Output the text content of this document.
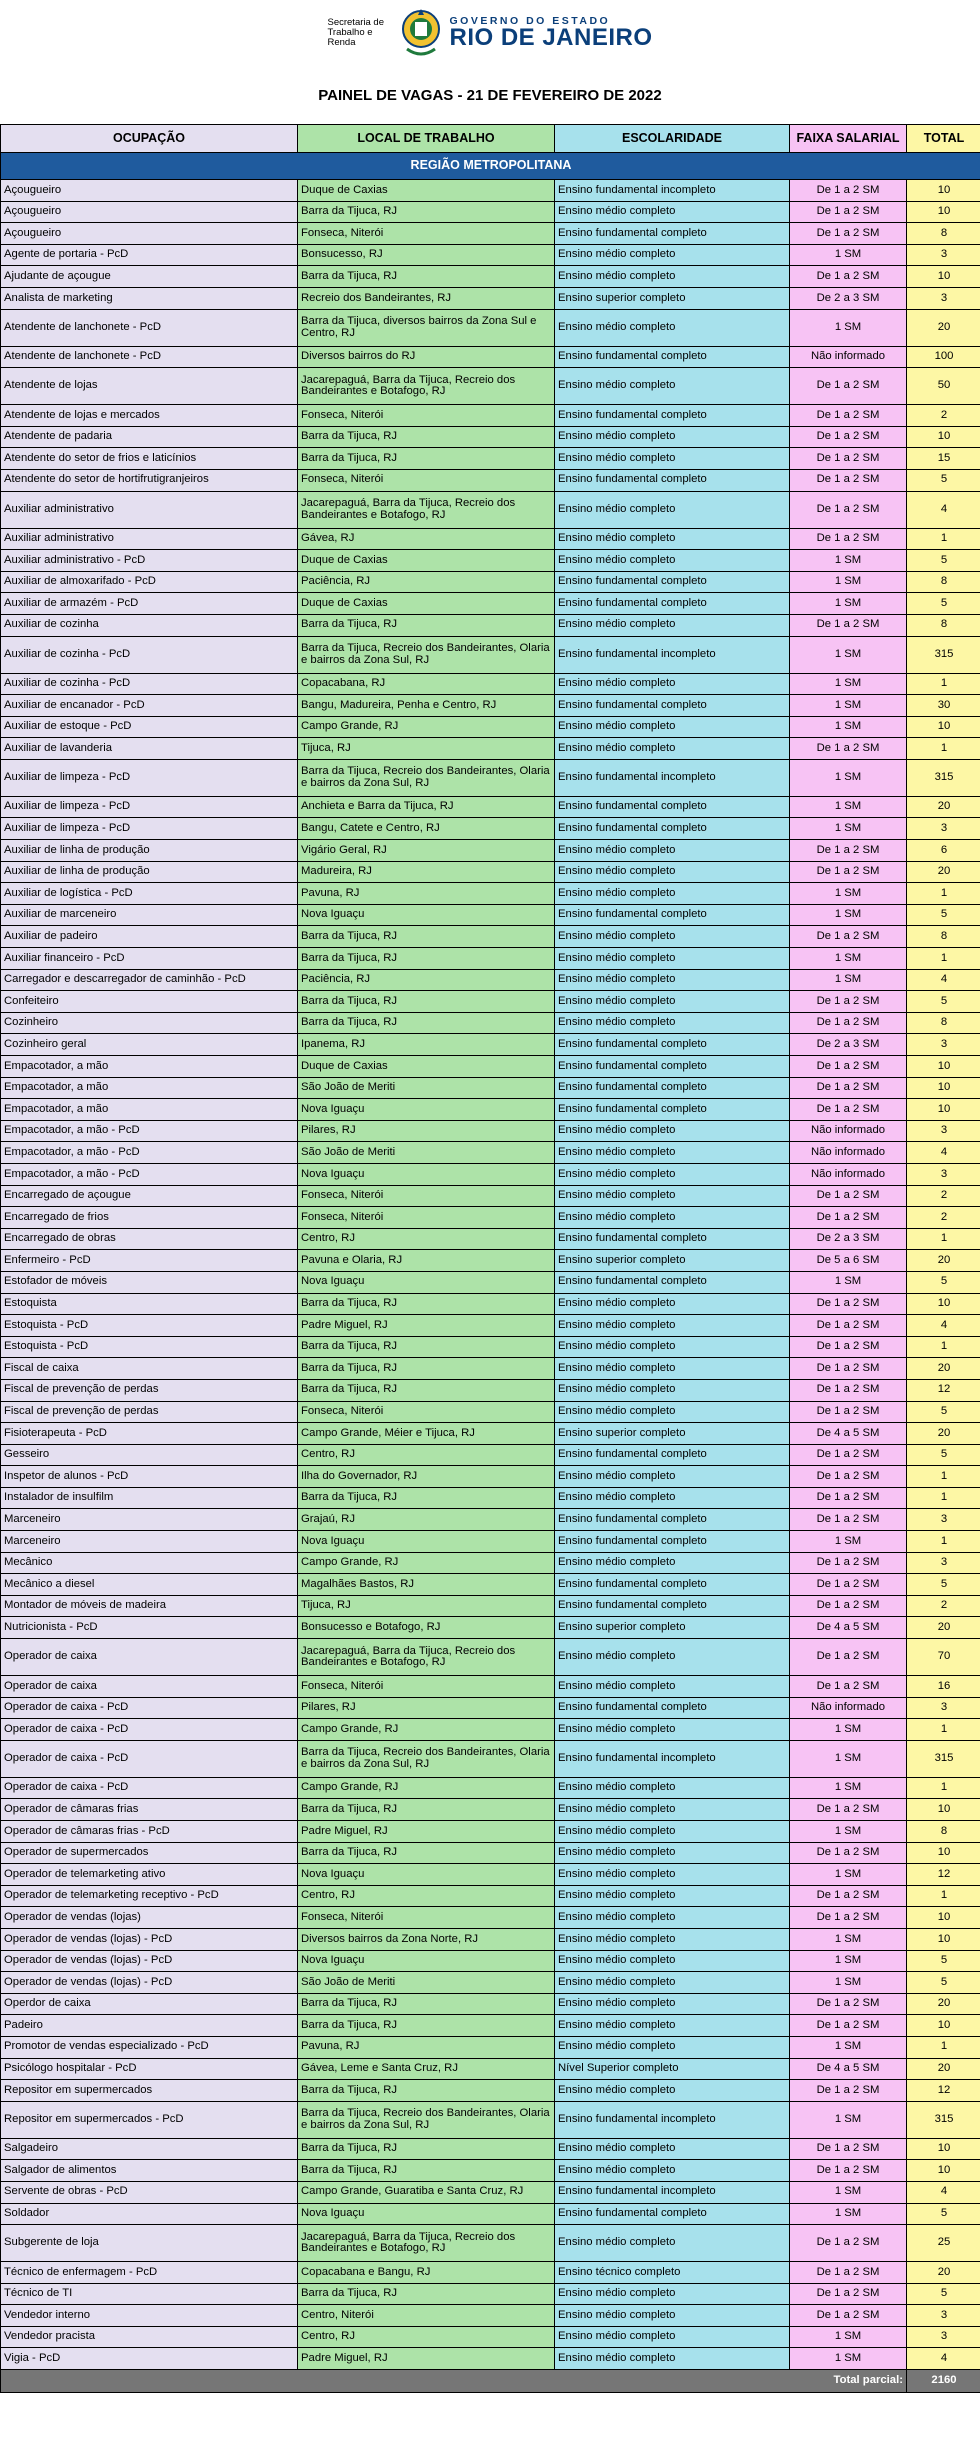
Secretaria de Trabalho e Renda
GOVERNO DO ESTADO
RIO DE JANEIRO
PAINEL DE VAGAS - 21 DE FEVEREIRO DE 2022
OCUPAÇÃO	LOCAL DE TRABALHO	ESCOLARIDADE	FAIXA SALARIAL	TOTAL
REGIÃO METROPOLITANA				
Açougueiro	Duque de Caxias	Ensino fundamental incompleto	De 1 a 2 SM	10
Açougueiro	Barra da Tijuca, RJ	Ensino médio completo	De 1 a 2 SM	10
Açougueiro	Fonseca, Niterói	Ensino fundamental completo	De 1 a 2 SM	8
Agente de portaria - PcD	Bonsucesso, RJ	Ensino médio completo	1 SM	3
Ajudante de açougue	Barra da Tijuca, RJ	Ensino médio completo	De 1 a 2 SM	10
Analista de marketing	Recreio dos Bandeirantes, RJ	Ensino superior completo	De 2 a 3 SM	3
Atendente de lanchonete - PcD	Barra da Tijuca, diversos bairros da Zona Sul e Centro, RJ	Ensino médio completo	1 SM	20
Atendente de lanchonete - PcD	Diversos bairros do RJ	Ensino fundamental completo	Não informado	100
Atendente de lojas	Jacarepaguá, Barra da Tijuca, Recreio dos Bandeirantes e Botafogo, RJ	Ensino médio completo	De 1 a 2 SM	50
Atendente de lojas e mercados	Fonseca, Niterói	Ensino fundamental completo	De 1 a 2 SM	2
Atendente de padaria	Barra da Tijuca, RJ	Ensino médio completo	De 1 a 2 SM	10
Atendente do setor de frios e laticínios	Barra da Tijuca, RJ	Ensino médio completo	De 1 a 2 SM	15
Atendente do setor de hortifrutigranjeiros	Fonseca, Niterói	Ensino fundamental completo	De 1 a 2 SM	5
Auxiliar administrativo	Jacarepaguá, Barra da Tijuca, Recreio dos Bandeirantes e Botafogo, RJ	Ensino médio completo	De 1 a 2 SM	4
Auxiliar administrativo	Gávea, RJ	Ensino médio completo	De 1 a 2 SM	1
Auxiliar administrativo - PcD	Duque de Caxias	Ensino médio completo	1 SM	5
Auxiliar de almoxarifado - PcD	Paciência, RJ	Ensino fundamental completo	1 SM	8
Auxiliar de armazém - PcD	Duque de Caxias	Ensino fundamental completo	1 SM	5
Auxiliar de cozinha	Barra da Tijuca, RJ	Ensino médio completo	De 1 a 2 SM	8
Auxiliar de cozinha - PcD	Barra da Tijuca, Recreio dos Bandeirantes, Olaria e bairros da Zona Sul, RJ	Ensino fundamental incompleto	1 SM	315
Auxiliar de cozinha - PcD	Copacabana, RJ	Ensino médio completo	1 SM	1
Auxiliar de encanador - PcD	Bangu, Madureira, Penha e Centro, RJ	Ensino fundamental completo	1 SM	30
Auxiliar de estoque - PcD	Campo Grande, RJ	Ensino médio completo	1 SM	10
Auxiliar de lavanderia	Tijuca, RJ	Ensino médio completo	De 1 a 2 SM	1
Auxiliar de limpeza - PcD	Barra da Tijuca, Recreio dos Bandeirantes, Olaria e bairros da Zona Sul, RJ	Ensino fundamental incompleto	1 SM	315
Auxiliar de limpeza - PcD	Anchieta e Barra da Tijuca, RJ	Ensino fundamental completo	1 SM	20
Auxiliar de limpeza - PcD	Bangu, Catete e Centro, RJ	Ensino fundamental completo	1 SM	3
Auxiliar de linha de produção	Vigário Geral, RJ	Ensino médio completo	De 1 a 2 SM	6
Auxiliar de linha de produção	Madureira, RJ	Ensino médio completo	De 1 a 2 SM	20
Auxiliar de logística - PcD	Pavuna, RJ	Ensino médio completo	1 SM	1
Auxiliar de marceneiro	Nova Iguaçu	Ensino fundamental completo	1 SM	5
Auxiliar de padeiro	Barra da Tijuca, RJ	Ensino médio completo	De 1 a 2 SM	8
Auxiliar financeiro - PcD	Barra da Tijuca, RJ	Ensino médio completo	1 SM	1
Carregador e descarregador de caminhão - PcD	Paciência, RJ	Ensino médio completo	1 SM	4
Confeiteiro	Barra da Tijuca, RJ	Ensino médio completo	De 1 a 2 SM	5
Cozinheiro	Barra da Tijuca, RJ	Ensino médio completo	De 1 a 2 SM	8
Cozinheiro geral	Ipanema, RJ	Ensino fundamental completo	De 2 a 3 SM	3
Empacotador, a mão	Duque de Caxias	Ensino fundamental completo	De 1 a 2 SM	10
Empacotador, a mão	São João de Meriti	Ensino fundamental completo	De 1 a 2 SM	10
Empacotador, a mão	Nova Iguaçu	Ensino fundamental completo	De 1 a 2 SM	10
Empacotador, a mão - PcD	Pilares, RJ	Ensino médio completo	Não informado	3
Empacotador, a mão - PcD	São João de Meriti	Ensino médio completo	Não informado	4
Empacotador, a mão - PcD	Nova Iguaçu	Ensino médio completo	Não informado	3
Encarregado de açougue	Fonseca, Niterói	Ensino médio completo	De 1 a 2 SM	2
Encarregado de frios	Fonseca, Niterói	Ensino médio completo	De 1 a 2 SM	2
Encarregado de obras	Centro, RJ	Ensino fundamental completo	De 2 a 3 SM	1
Enfermeiro - PcD	Pavuna e Olaria, RJ	Ensino superior completo	De 5 a 6 SM	20
Estofador de móveis	Nova Iguaçu	Ensino fundamental completo	1 SM	5
Estoquista	Barra da Tijuca, RJ	Ensino médio completo	De 1 a 2 SM	10
Estoquista - PcD	Padre Miguel, RJ	Ensino médio completo	De 1 a 2 SM	4
Estoquista - PcD	Barra da Tijuca, RJ	Ensino médio completo	De 1 a 2 SM	1
Fiscal de caixa	Barra da Tijuca, RJ	Ensino médio completo	De 1 a 2 SM	20
Fiscal de prevenção de perdas	Barra da Tijuca, RJ	Ensino médio completo	De 1 a 2 SM	12
Fiscal de prevenção de perdas	Fonseca, Niterói	Ensino médio completo	De 1 a 2 SM	5
Fisioterapeuta - PcD	Campo Grande, Méier e Tijuca, RJ	Ensino superior completo	De 4 a 5 SM	20
Gesseiro	Centro, RJ	Ensino fundamental completo	De 1 a 2 SM	5
Inspetor de alunos - PcD	Ilha do Governador, RJ	Ensino médio completo	De 1 a 2 SM	1
Instalador de insulfilm	Barra da Tijuca, RJ	Ensino médio completo	De 1 a 2 SM	1
Marceneiro	Grajaú, RJ	Ensino fundamental completo	De 1 a 2 SM	3
Marceneiro	Nova Iguaçu	Ensino fundamental completo	1 SM	1
Mecânico	Campo Grande, RJ	Ensino médio completo	De 1 a 2 SM	3
Mecânico a diesel	Magalhães Bastos, RJ	Ensino fundamental completo	De 1 a 2 SM	5
Montador de móveis de madeira	Tijuca, RJ	Ensino fundamental completo	De 1 a 2 SM	2
Nutricionista - PcD	Bonsucesso e Botafogo, RJ	Ensino superior completo	De 4 a 5 SM	20
Operador de caixa	Jacarepaguá, Barra da Tijuca, Recreio dos Bandeirantes e Botafogo, RJ	Ensino médio completo	De 1 a 2 SM	70
Operador de caixa	Fonseca, Niterói	Ensino médio completo	De 1 a 2 SM	16
Operador de caixa - PcD	Pilares, RJ	Ensino fundamental completo	Não informado	3
Operador de caixa - PcD	Campo Grande, RJ	Ensino médio completo	1 SM	1
Operador de caixa - PcD	Barra da Tijuca, Recreio dos Bandeirantes, Olaria e bairros da Zona Sul, RJ	Ensino fundamental incompleto	1 SM	315
Operador de caixa - PcD	Campo Grande, RJ	Ensino médio completo	1 SM	1
Operador de câmaras frias	Barra da Tijuca, RJ	Ensino médio completo	De 1 a 2 SM	10
Operador de câmaras frias - PcD	Padre Miguel, RJ	Ensino médio completo	1 SM	8
Operador de supermercados	Barra da Tijuca, RJ	Ensino médio completo	De 1 a 2 SM	10
Operador de telemarketing ativo	Nova Iguaçu	Ensino médio completo	1 SM	12
Operador de telemarketing receptivo - PcD	Centro, RJ	Ensino médio completo	De 1 a 2 SM	1
Operador de vendas (lojas)	Fonseca, Niterói	Ensino médio completo	De 1 a 2 SM	10
Operador de vendas (lojas) - PcD	Diversos bairros da Zona Norte, RJ	Ensino médio completo	1 SM	10
Operador de vendas (lojas) - PcD	Nova Iguaçu	Ensino médio completo	1 SM	5
Operador de vendas (lojas) - PcD	São João de Meriti	Ensino médio completo	1 SM	5
Operdor de caixa	Barra da Tijuca, RJ	Ensino médio completo	De 1 a 2 SM	20
Padeiro	Barra da Tijuca, RJ	Ensino médio completo	De 1 a 2 SM	10
Promotor de vendas especializado - PcD	Pavuna, RJ	Ensino médio completo	1 SM	1
Psicólogo hospitalar - PcD	Gávea, Leme e Santa Cruz, RJ	Nível Superior completo	De 4 a 5 SM	20
Repositor em supermercados	Barra da Tijuca, RJ	Ensino médio completo	De 1 a 2 SM	12
Repositor em supermercados - PcD	Barra da Tijuca, Recreio dos Bandeirantes, Olaria e bairros da Zona Sul, RJ	Ensino fundamental incompleto	1 SM	315
Salgadeiro	Barra da Tijuca, RJ	Ensino médio completo	De 1 a 2 SM	10
Salgador de alimentos	Barra da Tijuca, RJ	Ensino médio completo	De 1 a 2 SM	10
Servente de obras - PcD	Campo Grande, Guaratiba e Santa Cruz, RJ	Ensino fundamental incompleto	1 SM	4
Soldador	Nova Iguaçu	Ensino fundamental completo	1 SM	5
Subgerente de loja	Jacarepaguá, Barra da Tijuca, Recreio dos Bandeirantes e Botafogo, RJ	Ensino médio completo	De 1 a 2 SM	25
Técnico de enfermagem - PcD	Copacabana e Bangu, RJ	Ensino técnico completo	De 1 a 2 SM	20
Técnico de TI	Barra da Tijuca, RJ	Ensino médio completo	De 1 a 2 SM	5
Vendedor interno	Centro, Niterói	Ensino médio completo	De 1 a 2 SM	3
Vendedor pracista	Centro, RJ	Ensino médio completo	1 SM	3
Vigia - PcD	Padre Miguel, RJ	Ensino médio completo	1 SM	4
Total parcial:				2160
